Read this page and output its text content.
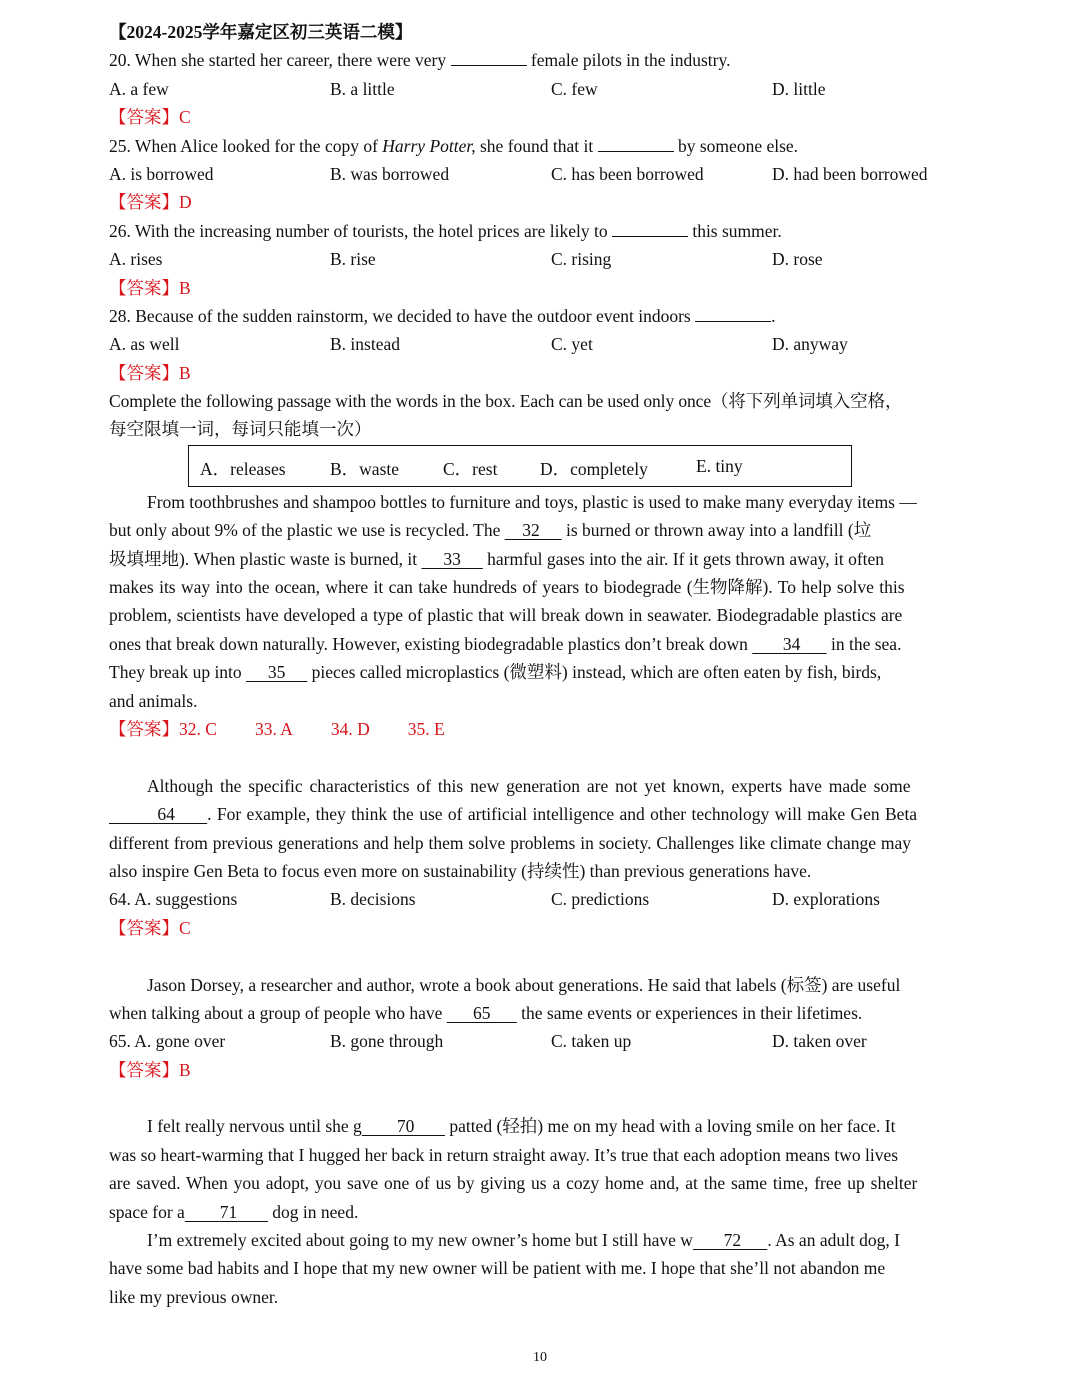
【2024-2025学年嘉定区初三英语二模】
20. When she started her career, there were very	female pilots in the industry.
A. a few	B. a little	C. few	D. little
【答案】C
25. When Alice looked for the copy of Harry Potter, she found that it	by someone else.
A. is borrowed	B. was borrowed	C. has been borrowed	D. had been borrowed
【答案】D
26. With the increasing number of tourists, the hotel prices are likely to	this summer.
A. rises	B. rise	C. rising	D. rose
【答案】B
28. Because of the sudden rainstorm, we decided to have the outdoor event indoors	.
A. as well	B. instead	C. yet	D. anyway
【答案】B
Complete the following passage with the words in the box. Each can be used only once（将下列单词填入空格，
每空限填一词，每词只能填一次）
A．releases	B．waste	C．rest D．completely	E. tiny
From toothbrushes and shampoo bottles to furniture and toys, plastic is used to make many everyday items —
but only about 9% of the plastic we use is recycled. The ​    32      is burned or thrown away into a landfill (垃
圾填埋地). When plastic waste is burned, it ​     33      harmful gases into the air. If it gets thrown away, it often
makes its way into the ocean, where it can take hundreds of years to biodegrade (生物降解). To help solve this
problem, scientists have developed a type of plastic that will break down in seawater. Biodegradable plastics are
ones that break down naturally. However, existing biodegradable plastics don’t break down ​       34       in the sea.
They break up into ​     35      pieces called microplastics (微塑料) instead, which are often eaten by fish, birds,
and animals.
【答案】32. C 33. A 34. D 35. E
Although the specific characteristics of this new generation are not yet known, experts have made some
​         64 . For example, they think the use of artificial intelligence and other technology will make Gen Beta
different from previous generations and help them solve problems in society. Challenges like climate change may
also inspire Gen Beta to focus even more on sustainability (持续性) than previous generations have.
64. A. suggestions	B. decisions	C. predictions	D. explorations
【答案】C
Jason Dorsey, a researcher and author, wrote a book about generations. He said that labels (标签) are useful
when talking about a group of people who have ​      65       the same events or experiences in their lifetimes.
65. A. gone over	B. gone through	C. taken up	D. taken over
【答案】B
I felt really nervous until she g​        70        patted (轻拍) me on my head with a loving smile on her face. It
was so heart-warming that I hugged her back in return straight away. It’s true that each adoption means two lives
are saved. When you adopt, you save one of us by giving us a cozy home and, at the same time, free up shelter
space for a​        71        dog in need.
I’m extremely excited about going to my new owner’s home but I still have w​       72 . As an adult dog, I
have some bad habits and I hope that my new owner will be patient with me. I hope that she’ll not abandon me
like my previous owner.
10
